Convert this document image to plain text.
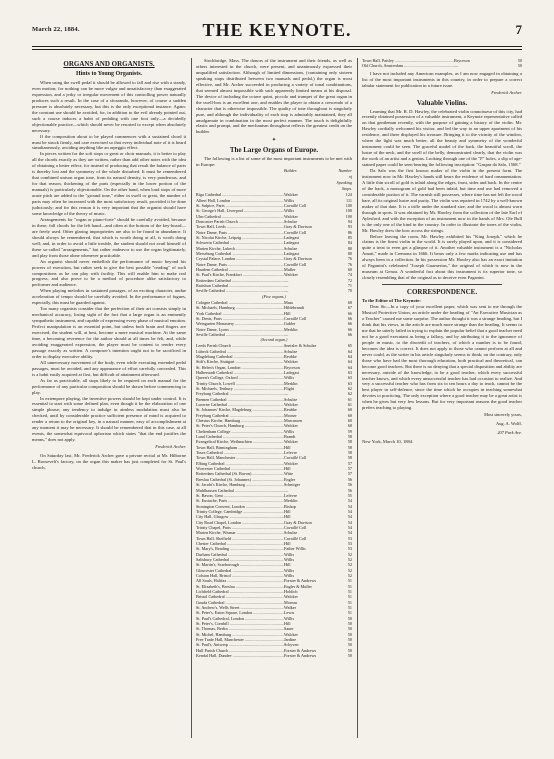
March 22, 1884.	THE KEYNOTE.	7
ORGANS AND ORGANISTS.
Hints to Young Organists.

When using the swell pedal it should be allowed to fall and rise with a steady, even motion; for nothing can be more vulgar and unsatisfactory than exaggerated expression, and a jerky or irregular movement of this controlling power naturally produces such a result. In the case of a sforzando, however, of course a sudden pressure is absolutely necessary, but this is the only exceptional instance. Again: the constant use should be avoided, for, in addition to the evil already pointed out, such a course induces a habit of pedaling with one foot only—a decidedly objectionable practice—which should never be resorted to except when absolutely necessary.

If the composition about to be played commences with a sustained chord it must be struck firmly, and care exercised so that every individual note of it is heard simultaneously, avoiding anything like an arpeggio effect.

In pieces written for the soft stops or great or choir manuals, it is better to play all the chords exactly as they are written, rather than add other notes with the idea of obtaining a better effect; for instead of producing that result the balance of parts is thereby lost and the symmetry of the whole disturbed. It must be remembered that combined unison organ tone, from its natural density, is very ponderous, and for that reason, thickening of the parts (especially in the lower portion of the manuals) is particularly objectionable. On the other hand, when loud stops of more acute pitch are added to the "ground tone," either in swell or great, the number of parts may often be increased with the most satisfactory result, provided it be done judiciously; and for this reason it is very important that the organist should have some knowledge of the theory of music.

Arrangements for "organ or piano-forte" should be carefully avoided, because in these, full chords for the left hand—and often at the bottom of the key-board—are freely used. Other glaring improprieties are also to be found in abundance. It should always be remembered, that which is worth doing at all, is worth doing well; and, in order to avoid a little trouble, the student should not avail himself of these so-called "arrangements," but rather endeavor to use the organ legitimately, and play from those alone whenever practicable.

An organist should never embellish the performance of music beyond his powers of execution, but rather seek to give the best possible "reading" of such compositions as he can play with facility. This will enable him to make real progress, and also prove to be a method of procedure alike satisfactory to performer and audience.

When playing melodies in sustained passages, of an exciting character, undue acceleration of tempo should be carefully avoided. In the performance of fugues, especially, this must be guarded against.

Too many organists consider that the perfection of their art consists simply in mechanical accuracy, losing sight of the fact that a large organ is an eminently sympathetic instrument, and capable of expressing every phase of musical emotion. Perfect manipulation is an essential point, but unless both brain and fingers are exercised, the student will, at best, become a mere musical machine. At the same time, a becoming reverence for the author should at all times be felt, and, while avoiding exaggerated expression, the player must be content to render every passage exactly as written. A composer's intention ought not to be sacrificed in order to display executive ability.

All unnecessary movement of the body, even while executing extended pedal passages, must be avoided, and any appearance of effort carefully concealed. This is a habit easily acquired at first, but difficult of attainment afterward.

As far as practicable, all stops likely to be required on each manual for the performance of any particular composition should be drawn before commencing to play.

In extempore playing, the inventive powers should be kept under control. It is essential to start with some defined plan, even though it be the elaboration of one simple phrase; any tendency to indulge in aimless modulation must also be checked, until by considerable practice sufficient presence of mind is acquired to render a return to the original key, in a natural manner, easy of accomplishment at any moment it may be necessary. It should be remembered that in this case, at all events, the somewhat equivocal aphorism which states "that the end justifies the means," does not apply.

Frederick Archer.

On Saturday last, Mr. Frederick Archer gave a private recital at Mr. Hilborne L. Roosevelt's factory, on the organ this maker has just completed for St. Paul's church,

Stockbridge, Mass. The donors of the instrument and their friends, as well as others interested in the church, were present, and unanimously expressed their unqualified satisfaction. Although of limited dimensions, (containing only sixteen speaking stops distributed between two manuals and pedal,) the organ is most effective, and Mr. Archer succeeded in producing a variety of tonal combinations, that seemed almost impossible with such apparently limited means at his disposal. The device of including the octave quint, piccolo and trumpet of the great organ in the swell-box is an excellent one, and enables the player to obtain a crescendo of a character that is otherwise impossible. The quality of tone throughout is singularly pure, and although the individuality of each stop is admirably maintained, they all amalgamate in combination in the most perfect manner. The touch is delightfully elastic and prompt, and the mechanism throughout reflects the greatest credit on the builder.

✦
The Large Organs of Europe.

The following is a list of some of the most important instruments to be met with in Europe:

Builder.	Number of Speaking Stops.
Riga Cathedral .....	Walcker	124
Albert Hall, London .....	Willis	111
St. Sulpice, Paris .....	Cavaillé Coll	100
St. George's Hall, Liverpool .....	Willis	100
Ulm Cathedral .....	Walcker	100
Doncaster Parish Church .....	Schulze	94
Town Hall, Leeds .....	Gray & Davison	93
Notre Dame, Paris .....	Cavaillé Coll	86
St. Nicolai Kirche, Leipzig .....	Ladegast	85
Schwerin Cathedral .....	Ladegast	84
Marien Kirche, Lubeck .....	Schulze	80
Merseburg Cathedral .....	Ladegast	80
Crystal Palace, London .....	Gray & Davison	76
Notre Dame, Paris .....	Cavaillé Coll	76
Haarlem Cathedral .....	Muller	60
St. Paul's Kirche, Frankfort .....	Walcker	74
Rotterdam Cathedral .....	—	72
Ratisbon Cathedral .....	—	71
Seville Cathedral .....	—	70
(Five organs.)
Cologne Cathedral .....	Maas	68
St. Michaels, Hamburg .....	Hildebrandt	67
York Cathedral .....	Hill	66
St. Denis, Paris .....	Cavaillé Coll	66
Weingarten Monastery .....	Gabler	66
Notre Dame, Lyons .....	Merklin	66
Seville Cathedral .....	—	66
(Second organ.)
Leeds Parish Church .....	Snetzler & Schulze	65
Lübeck Cathedral .....	Schulze	64
Magdeburg Cathedral .....	Reubke	64
Stift's Kirche, Stuttgart .....	Walcker	64
St. Helen's Organ, London .....	Bryceson	64
Halberstadt Cathedral .....	Ladegast	63
Queen's College, Oxford .....	Willis	63
Trinity Church, Lowell .....	Merklin	63
St. Michaels, Tenbury .....	Flight	62
Freyburg Cathedral .....	—	62
Bremen Cathedral .....	Schulze	61
Lucerne Cathedral .....	Walcker	61
St. Johannes' Kirche, Magdeburg .....	Reubke	60
Freyburg Cathedral .....	Mooser	60
Christus Kirche, Hamburg .....	Marcussen	60
St. Peter's Church, Hamburg .....	Walcker	60
Cheltenham College .....	Willis	59
Lund Cathedral .....	Brandt	58
Evangelical Kirche, Weihnachten .....	Walcker	58
Town Hall, Birmingham .....	Hill	58
Tours Cathedral .....	Lefevre	58
Town Hall, Manchester .....	Cavaillé Coll	58
Elbing Cathedral .....	Walcker	57
Worcester Cathedral .....	Hill	57
Rotterdam Cathedral (St. Bavon) .....	Witte	57
Breslau Cathedral (St. Johannes) .....	Engler	56
St. Jacobi's Kirche, Hamburg .....	Schnitger	56
Muhlhausen Cathedral .....	—	56
St. Bavon, Gent .....	Lefevre	55
St. Eustache, Paris .....	Merklin	54
Stonington Convent, London .....	Bishop	54
Trinity College, Cambridge .....	Hill	54
City Hall, Glasgow .....	Hill	54
City Road Chapel, London .....	Gray & Davison	54
Trinity Chapel, Paris .....	Cavaillé Coll	54
Marien Kirche, Wismar .....	Schulze	54
Town Hall, Sheffield .....	Cavaillé Coll	53
Chester Cathedral .....	Hill	53
St. Mary's, Reading .....	Father Willis	53
Durham Cathedral .....	Willis	52
Salisbury Cathedral .....	Willis	52
St. Martin's, Scarborough .....	Hill	52
Gloucester Cathedral .....	Willis	52
Colston Hall, Bristol .....	Willis	52
All Souls, Halifax .....	Forster & Andrews	51
St. Elizabeth's, Breslau .....	Engler & Muller	51
Lichfield Cathedral .....	Holdich	51
Bristol Cathedral .....	Walcker	51
Gouda Cathedral .....	Moreau	51
St. Andrew's, Wells Street .....	Walker	51
St. Peter's, Eaton Square, London .....	Lewis	51
St. Paul's Cathedral, London .....	Willis	50
St. Peter's, Cornhill .....	Hill	50
St. Thomas, Berlin .....	Sauer	50
St. Michel, Hamburg .....	Walcker	50
Free Trade Hall, Manchester .....	Jardine	50
St. Paul's, Antwerp .....	Schyven	50
Hull Parish Church .....	Forster & Andrews	50
Kendal Hall, Dundee .....	Forster & Andrews	50
Town Hall, Paisley .....	Bryceson	50
Old Church, Amsterdam .....	—	50

I have not included any American examples, as I am now engaged in obtaining a list of the most important instruments in this country, in order to prepare a correct tabular statement for publication in a future issue.

Frederick Archer.
Valuable Violins.

Learning that Mr. R. D. Hawley, the celebrated violin connoisseur of this city, had recently obtained possession of a valuable instrument, a Keynote representative called on that gentleman recently, with the purpose of gaining a history of the violin. Mr. Hawley cordially welcomed his visitor, and led the way to an upper apartment of his residence, and there displayed his treasure. Bringing it to the vicinity of the window, where the light was much better, all the beauty and symmetry of the wonderful instrument could be seen. The graceful model of the back, the beautiful scroll, the lustre of the neck, and the swell of the belly, demonstrated clearly, that the violin was the work of an artist and a genius. Looking through one of the "F" holes, a slip of age-stained paper could be seen bearing the following inscription: "Gaspar da Salo, 1568."

Da Salo was the first known maker of the violin in the present form. The instrument now in Mr. Hawley's hands still bears the evidence of hard ornamentation. A little thin scroll of gold is inlaid along the edges, front, sides and back. In the centre of the back, a monogram of gold had been inlaid, but time and use had removed a considerable portion of it. The varnish still possesses, where time has not left the wood bare, all its original lustre and purity. The violin was repaired in 1742 by a well-known maker of that date. It is a trifle under the standard size, and the wood is almost worn through in spots. It was obtained by Mr. Hawley from the collection of the late Earl of Aylesford, and with the exception of an instrument now in the hands of Mrs. Ole Bull is the only one of the kind in the country. In order to illustrate the tones of the violin, Mr. Hawley drew the bow across the strings.

Before leaving the room, Mr. Hawley exhibited his "King Joseph," which he claims is the finest violin in the world. It is rarely played upon, and it is considered quite a treat to even get a glimpse of it. Another valuable instrument is a "Nicholas Amati," made in Cremona in 1666. It bears only a few marks indicating use and has always been in a collection. In his possession Mr. Hawley also has an exact imitation of Paganini's celebrated "Joseph Guarnerius," the original of which is now in the museum at Genoa. A wonderful fact about this instrument is its superior tone, so closely resembling that of the original as to deceive even Paganini.

CORRESPONDENCE.
To the Editor of The Keynote:

Dear Sir—In a copy of your excellent paper, which was sent to me through the Musical Protective Union, an article under the heading of "An Executive Musician as a Teacher" caused me some surprise. The author thought it was a strange heading, but I think that his views, in the article are much more strange than the heading. It seems to me that he utterly failed in trying to explain the popular belief that a good teacher need not be a good executant as being a fallacy, and by attributing it to the ignorance of people in music, to the discredit of teachers, of which a number is to be found, becomes the idea is correct. It does not apply to those who cannot perform at all and never could, as the writer in his article singularly seems to think; on the contrary, only those who have had the most thorough education, both practical and theoretical, can become good teachers. But there is no denying that a special disposition and ability are necessary, outside of the knowledge, to be a good teacher, which every successful teacher knows, and which every unsuccessful teacher has had occasion to realize. And very a successful teacher who has from six to ten hours a day to teach, cannot be the best player in self-defence, since the time which he occupies in teaching somewhat devotes to practicing. The only exception where a good teacher may be a great artist is when he gives but very few lessons. But for very important reasons the good teacher prefers teaching to playing.

Most sincerely yours,
Aug. A. Wolff,
207 Park Ave.
New York, March 10, 1884.
